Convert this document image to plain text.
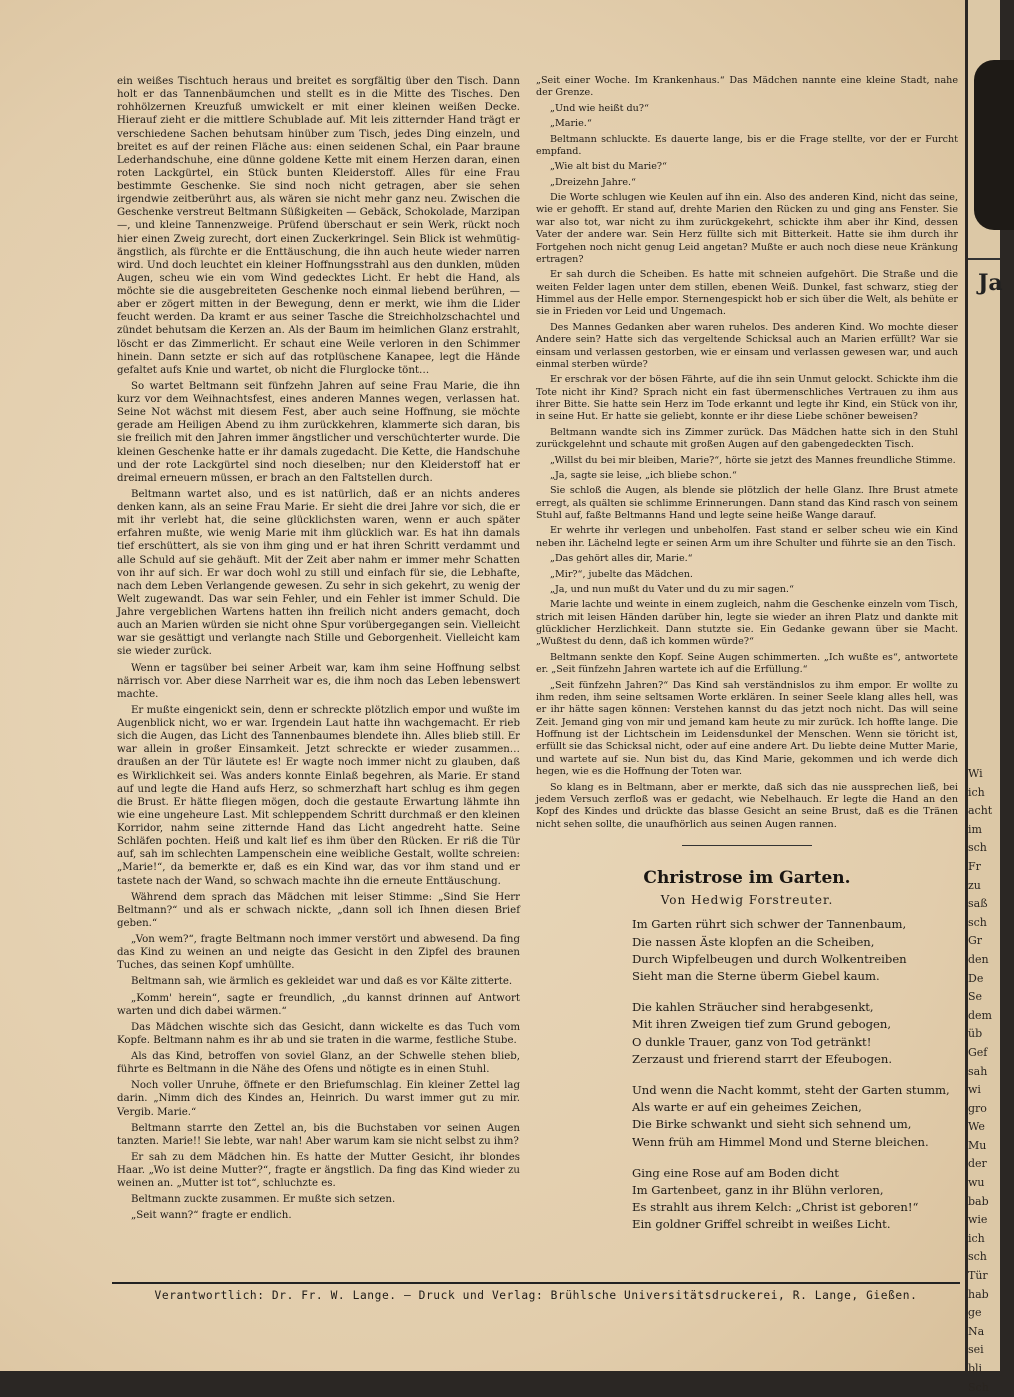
ein weißes Tischtuch heraus und breitet es sorgfältig über den Tisch. Dann holt er das Tannenbäumchen und stellt es in die Mitte des Tisches. Den rohhölzernen Kreuzfuß umwickelt er mit einer kleinen weißen Decke. Hierauf zieht er die mittlere Schublade auf. Mit leis zitternder Hand trägt er verschiedene Sachen behutsam hinüber zum Tisch, jedes Ding einzeln, und breitet es auf der reinen Fläche aus: einen seidenen Schal, ein Paar braune Lederhandschuhe, eine dünne goldene Kette mit einem Herzen daran, einen roten Lackgürtel, ein Stück bunten Kleiderstoff. Alles für eine Frau bestimmte Geschenke. Sie sind noch nicht getragen, aber sie sehen irgendwie zeitberührt aus, als wären sie nicht mehr ganz neu. Zwischen die Geschenke verstreut Beltmann Süßigkeiten — Gebäck, Schokolade, Marzipan —, und kleine Tannenzweige. Prüfend überschaut er sein Werk, rückt noch hier einen Zweig zurecht, dort einen Zuckerkringel. Sein Blick ist wehmütig-ängstlich, als fürchte er die Enttäuschung, die ihn auch heute wieder narren wird. Und doch leuchtet ein kleiner Hoffnungsstrahl aus den dunklen, müden Augen, scheu wie ein vom Wind gedecktes Licht. Er hebt die Hand, als möchte sie die ausgebreiteten Geschenke noch einmal liebend berühren, — aber er zögert mitten in der Bewegung, denn er merkt, wie ihm die Lider feucht werden. Da kramt er aus seiner Tasche die Streichholzschachtel und zündet behutsam die Kerzen an. Als der Baum im heimlichen Glanz erstrahlt, löscht er das Zimmerlicht. Er schaut eine Weile verloren in den Schimmer hinein. Dann setzte er sich auf das rotplüschene Kanapee, legt die Hände gefaltet aufs Knie und wartet, ob nicht die Flurglocke tönt…

So wartet Beltmann seit fünfzehn Jahren auf seine Frau Marie, die ihn kurz vor dem Weihnachtsfest, eines anderen Mannes wegen, verlassen hat. Seine Not wächst mit diesem Fest, aber auch seine Hoffnung, sie möchte gerade am Heiligen Abend zu ihm zurückkehren, klammerte sich daran, bis sie freilich mit den Jahren immer ängstlicher und verschüchterter wurde. Die kleinen Geschenke hatte er ihr damals zugedacht. Die Kette, die Handschuhe und der rote Lackgürtel sind noch dieselben; nur den Kleiderstoff hat er dreimal erneuern müssen, er brach an den Faltstellen durch.

Beltmann wartet also, und es ist natürlich, daß er an nichts anderes denken kann, als an seine Frau Marie. Er sieht die drei Jahre vor sich, die er mit ihr verlebt hat, die seine glücklichsten waren, wenn er auch später erfahren mußte, wie wenig Marie mit ihm glücklich war. Es hat ihn damals tief erschüttert, als sie von ihm ging und er hat ihren Schritt verdammt und alle Schuld auf sie gehäuft. Mit der Zeit aber nahm er immer mehr Schatten von ihr auf sich. Er war doch wohl zu still und einfach für sie, die Lebhafte, nach dem Leben Verlangende gewesen. Zu sehr in sich gekehrt, zu wenig der Welt zugewandt. Das war sein Fehler, und ein Fehler ist immer Schuld. Die Jahre vergeblichen Wartens hatten ihn freilich nicht anders gemacht, doch auch an Marien würden sie nicht ohne Spur vorübergegangen sein. Vielleicht war sie gesättigt und verlangte nach Stille und Geborgenheit. Vielleicht kam sie wieder zurück.

Wenn er tagsüber bei seiner Arbeit war, kam ihm seine Hoffnung selbst närrisch vor. Aber diese Narrheit war es, die ihm noch das Leben lebenswert machte.

Er mußte eingenickt sein, denn er schreckte plötzlich empor und wußte im Augenblick nicht, wo er war. Irgendein Laut hatte ihn wachgemacht. Er rieb sich die Augen, das Licht des Tannenbaumes blendete ihn. Alles blieb still. Er war allein in großer Einsamkeit. Jetzt schreckte er wieder zusammen… draußen an der Tür läutete es! Er wagte noch immer nicht zu glauben, daß es Wirklichkeit sei. Was anders konnte Einlaß begehren, als Marie. Er stand auf und legte die Hand aufs Herz, so schmerzhaft hart schlug es ihm gegen die Brust. Er hätte fliegen mögen, doch die gestaute Erwartung lähmte ihn wie eine ungeheure Last. Mit schleppendem Schritt durchmaß er den kleinen Korridor, nahm seine zitternde Hand das Licht angedreht hatte. Seine Schläfen pochten. Heiß und kalt lief es ihm über den Rücken. Er riß die Tür auf, sah im schlechten Lampenschein eine weibliche Gestalt, wollte schreien: „Marie!“, da bemerkte er, daß es ein Kind war, das vor ihm stand und er tastete nach der Wand, so schwach machte ihn die erneute Enttäuschung.

Während dem sprach das Mädchen mit leiser Stimme: „Sind Sie Herr Beltmann?“ und als er schwach nickte, „dann soll ich Ihnen diesen Brief geben.“

„Von wem?“, fragte Beltmann noch immer verstört und abwesend. Da fing das Kind zu weinen an und neigte das Gesicht in den Zipfel des braunen Tuches, das seinen Kopf umhüllte.

Beltmann sah, wie ärmlich es gekleidet war und daß es vor Kälte zitterte.

„Komm' herein“, sagte er freundlich, „du kannst drinnen auf Antwort warten und dich dabei wärmen.“

Das Mädchen wischte sich das Gesicht, dann wickelte es das Tuch vom Kopfe. Beltmann nahm es ihr ab und sie traten in die warme, festliche Stube.

Als das Kind, betroffen von soviel Glanz, an der Schwelle stehen blieb, führte es Beltmann in die Nähe des Ofens und nötigte es in einen Stuhl.

Noch voller Unruhe, öffnete er den Briefumschlag. Ein kleiner Zettel lag darin. „Nimm dich des Kindes an, Heinrich. Du warst immer gut zu mir. Vergib. Marie.“

Beltmann starrte den Zettel an, bis die Buchstaben vor seinen Augen tanzten. Marie!! Sie lebte, war nah! Aber warum kam sie nicht selbst zu ihm?

Er sah zu dem Mädchen hin. Es hatte der Mutter Gesicht, ihr blondes Haar. „Wo ist deine Mutter?“, fragte er ängstlich. Da fing das Kind wieder zu weinen an. „Mutter ist tot“, schluchzte es.

Beltmann zuckte zusammen. Er mußte sich setzen.

„Seit wann?“ fragte er endlich.

„Seit einer Woche. Im Krankenhaus.“ Das Mädchen nannte eine kleine Stadt, nahe der Grenze.

„Und wie heißt du?“

„Marie.“

Beltmann schluckte. Es dauerte lange, bis er die Frage stellte, vor der er Furcht empfand.

„Wie alt bist du Marie?“

„Dreizehn Jahre.“

Die Worte schlugen wie Keulen auf ihn ein. Also des anderen Kind, nicht das seine, wie er gehofft. Er stand auf, drehte Marien den Rücken zu und ging ans Fenster. Sie war also tot, war nicht zu ihm zurückgekehrt, schickte ihm aber ihr Kind, dessen Vater der andere war. Sein Herz füllte sich mit Bitterkeit. Hatte sie ihm durch ihr Fortgehen noch nicht genug Leid angetan? Mußte er auch noch diese neue Kränkung ertragen?

Er sah durch die Scheiben. Es hatte mit schneien aufgehört. Die Straße und die weiten Felder lagen unter dem stillen, ebenen Weiß. Dunkel, fast schwarz, stieg der Himmel aus der Helle empor. Sternengespickt hob er sich über die Welt, als behüte er sie in Frieden vor Leid und Ungemach.

Des Mannes Gedanken aber waren ruhelos. Des anderen Kind. Wo mochte dieser Andere sein? Hatte sich das vergeltende Schicksal auch an Marien erfüllt? War sie einsam und verlassen gestorben, wie er einsam und verlassen gewesen war, und auch einmal sterben würde?

Er erschrak vor der bösen Fährte, auf die ihn sein Unmut gelockt. Schickte ihm die Tote nicht ihr Kind? Sprach nicht ein fast übermenschliches Vertrauen zu ihm aus ihrer Bitte. Sie hatte sein Herz im Tode erkannt und legte ihr Kind, ein Stück von ihr, in seine Hut. Er hatte sie geliebt, konnte er ihr diese Liebe schöner beweisen?

Beltmann wandte sich ins Zimmer zurück. Das Mädchen hatte sich in den Stuhl zurückgelehnt und schaute mit großen Augen auf den gabengedeckten Tisch.

„Willst du bei mir bleiben, Marie?“, hörte sie jetzt des Mannes freundliche Stimme.

„Ja, sagte sie leise, „ich bliebe schon.“

Sie schloß die Augen, als blende sie plötzlich der helle Glanz. Ihre Brust atmete erregt, als quälten sie schlimme Erinnerungen. Dann stand das Kind rasch von seinem Stuhl auf, faßte Beltmanns Hand und legte seine heiße Wange darauf.

Er wehrte ihr verlegen und unbeholfen. Fast stand er selber scheu wie ein Kind neben ihr. Lächelnd legte er seinen Arm um ihre Schulter und führte sie an den Tisch.

„Das gehört alles dir, Marie.“

„Mir?“, jubelte das Mädchen.

„Ja, und nun mußt du Vater und du zu mir sagen.“

Marie lachte und weinte in einem zugleich, nahm die Geschenke einzeln vom Tisch, strich mit leisen Händen darüber hin, legte sie wieder an ihren Platz und dankte mit glücklicher Herzlichkeit. Dann stutzte sie. Ein Gedanke gewann über sie Macht. „Wußtest du denn, daß ich kommen würde?“

Beltmann senkte den Kopf. Seine Augen schimmerten. „Ich wußte es“, antwortete er. „Seit fünfzehn Jahren wartete ich auf die Erfüllung.“

„Seit fünfzehn Jahren?“ Das Kind sah verständnislos zu ihm empor. Er wollte zu ihm reden, ihm seine seltsamen Worte erklären. In seiner Seele klang alles hell, was er ihr hätte sagen können: Verstehen kannst du das jetzt noch nicht. Das will seine Zeit. Jemand ging von mir und jemand kam heute zu mir zurück. Ich hoffte lange. Die Hoffnung ist der Lichtschein im Leidensdunkel der Menschen. Wenn sie töricht ist, erfüllt sie das Schicksal nicht, oder auf eine andere Art. Du liebte deine Mutter Marie, und wartete auf sie. Nun bist du, das Kind Marie, gekommen und ich werde dich hegen, wie es die Hoffnung der Toten war.

So klang es in Beltmann, aber er merkte, daß sich das nie aussprechen ließ, bei jedem Versuch zerfloß was er gedacht, wie Nebelhauch. Er legte die Hand an den Kopf des Kindes und drückte das blasse Gesicht an seine Brust, daß es die Tränen nicht sehen sollte, die unaufhörlich aus seinen Augen rannen.

Christrose im Garten.
Von Hedwig Forstreuter.
Im Garten rührt sich schwer der Tannenbaum,
Die nassen Äste klopfen an die Scheiben,
Durch Wipfelbeugen und durch Wolkentreiben
Sieht man die Sterne überm Giebel kaum.
Die kahlen Sträucher sind herabgesenkt,
Mit ihren Zweigen tief zum Grund gebogen,
O dunkle Trauer, ganz von Tod getränkt!
Zerzaust und frierend starrt der Efeubogen.
Und wenn die Nacht kommt, steht der Garten stumm,
Als warte er auf ein geheimes Zeichen,
Die Birke schwankt und sieht sich sehnend um,
Wenn früh am Himmel Mond und Sterne bleichen.
Ging eine Rose auf am Boden dicht
Im Gartenbeet, ganz in ihr Blühn verloren,
Es strahlt aus ihrem Kelch: „Christ ist geboren!“
Ein goldner Griffel schreibt in weißes Licht.
Verantwortlich: Dr. Fr. W. Lange. — Druck und Verlag: Brühlsche Universitätsdruckerei, R. Lange, Gießen.
Ja
Wi
ich
acht
im
sch
Fr
zu
saß
sch
Gr
den
De
Se
dem
üb
Gef
sah
wi
gro
We
Mu
der
wu
bab
wie
ich
sch
Tür
hab
ge
Na
sei
bli
Sch
